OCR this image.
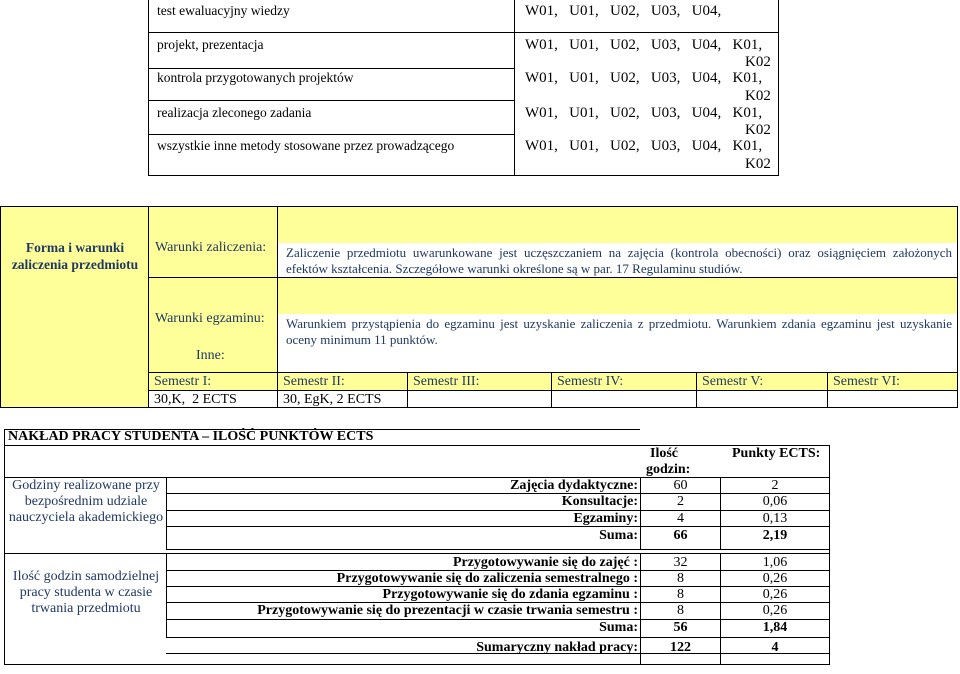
test ewaluacyjny wiedzy	W01,   U01,   U02,   U03,   U04,
projekt, prezentacja	W01,   U01,   U02,   U03,   U04,   K01,
K02
kontrola przygotowanych projektów	W01,   U01,   U02,   U03,   U04,   K01,
K02
realizacja zleconego zadania	W01,   U01,   U02,   U03,   U04,   K01,
K02
wszystkie inne metody stosowane przez prowadzącego	W01,   U01,   U02,   U03,   U04,   K01,
K02
Forma i warunki zaliczenia przedmiotu
Warunki zaliczenia: Zaliczenie przedmiotu uwarunkowane jest uczęszczaniem na zajęcia (kontrola obecności) oraz osiągnięciem założonych efektów kształcenia. Szczegółowe warunki określone są w par. 17 Regulaminu studiów.
Warunki egzaminu:
Inne:
Warunkiem przystąpienia do egzaminu jest uzyskanie zaliczenia z przedmiotu. Warunkiem zdania egzaminu jest uzyskanie oceny minimum 11 punktów.
Semestr I:	Semestr II:	Semestr III:	Semestr IV:	Semestr V:	Semestr VI:
30,K,  2 ECTS	30, EgK, 2 ECTS
NAKŁAD PRACY STUDENTA – ILOŚĆ PUNKTÓW ECTS
Ilość
godzin:
Punkty ECTS:
Godziny realizowane przy bezpośrednim udziale nauczyciela akademickiego
Zajęcia dydaktyczne:	60	2
Konsultacje:	2	0,06
Egzaminy:	4	0,13
Suma:	66	2,19
Ilość godzin samodzielnej pracy studenta w czasie trwania przedmiotu
Przygotowywanie się do zajęć :	32	1,06
Przygotowywanie się do zaliczenia semestralnego :	8	0,26
Przygotowywanie się do zdania egzaminu :	8	0,26
Przygotowywanie się do prezentacji w czasie trwania semestru :	8	0,26
Suma:	56	1,84
Sumaryczny nakład pracy:	122	4
